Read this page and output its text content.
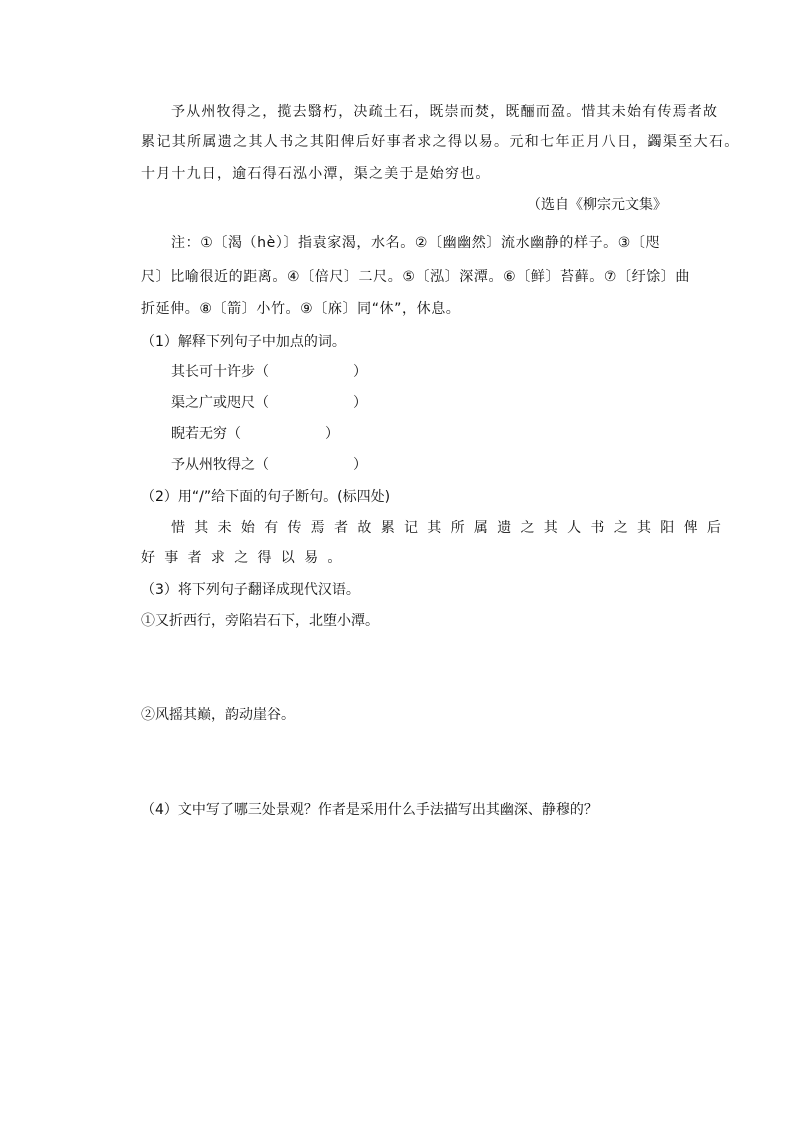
予从州牧得之，揽去翳朽，决疏土石，既崇而焚，既酾而盈。惜其未始有传焉者故
累记其所属遗之其人书之其阳俾后好事者求之得以易。元和七年正月八日，蠲渠至大石。
十月十九日，逾石得石泓小潭，渠之美于是始穷也。
（选自《柳宗元文集》
注：①〔渴（hè）〕指袁家渴，水名。②〔幽幽然〕流水幽静的样子。③〔咫
尺〕比喻很近的距离。④〔倍尺〕二尺。⑤〔泓〕深潭。⑥〔鲜〕苔藓。⑦〔纡馀〕曲
折延伸。⑧〔箭〕小竹。⑨〔庥〕同“休”，休息。
（1）解释下列句子中加点的词。
其长可十许步（　　　　　　）
渠之广或咫尺（　　　　　　）
睨若无穷（　　　　　　）
予从州牧得之（　　　　　　）
（2）用“/”给下面的句子断句。(标四处)
惜其未始有传焉者故累记其所属遗之其人书之其阳俾后
好事者求之得以易。
（3）将下列句子翻译成现代汉语。
①又折西行，旁陷岩石下，北堕小潭。
②风摇其巅，韵动崖谷。
（4）文中写了哪三处景观？作者是采用什么手法描写出其幽深、静穆的？
